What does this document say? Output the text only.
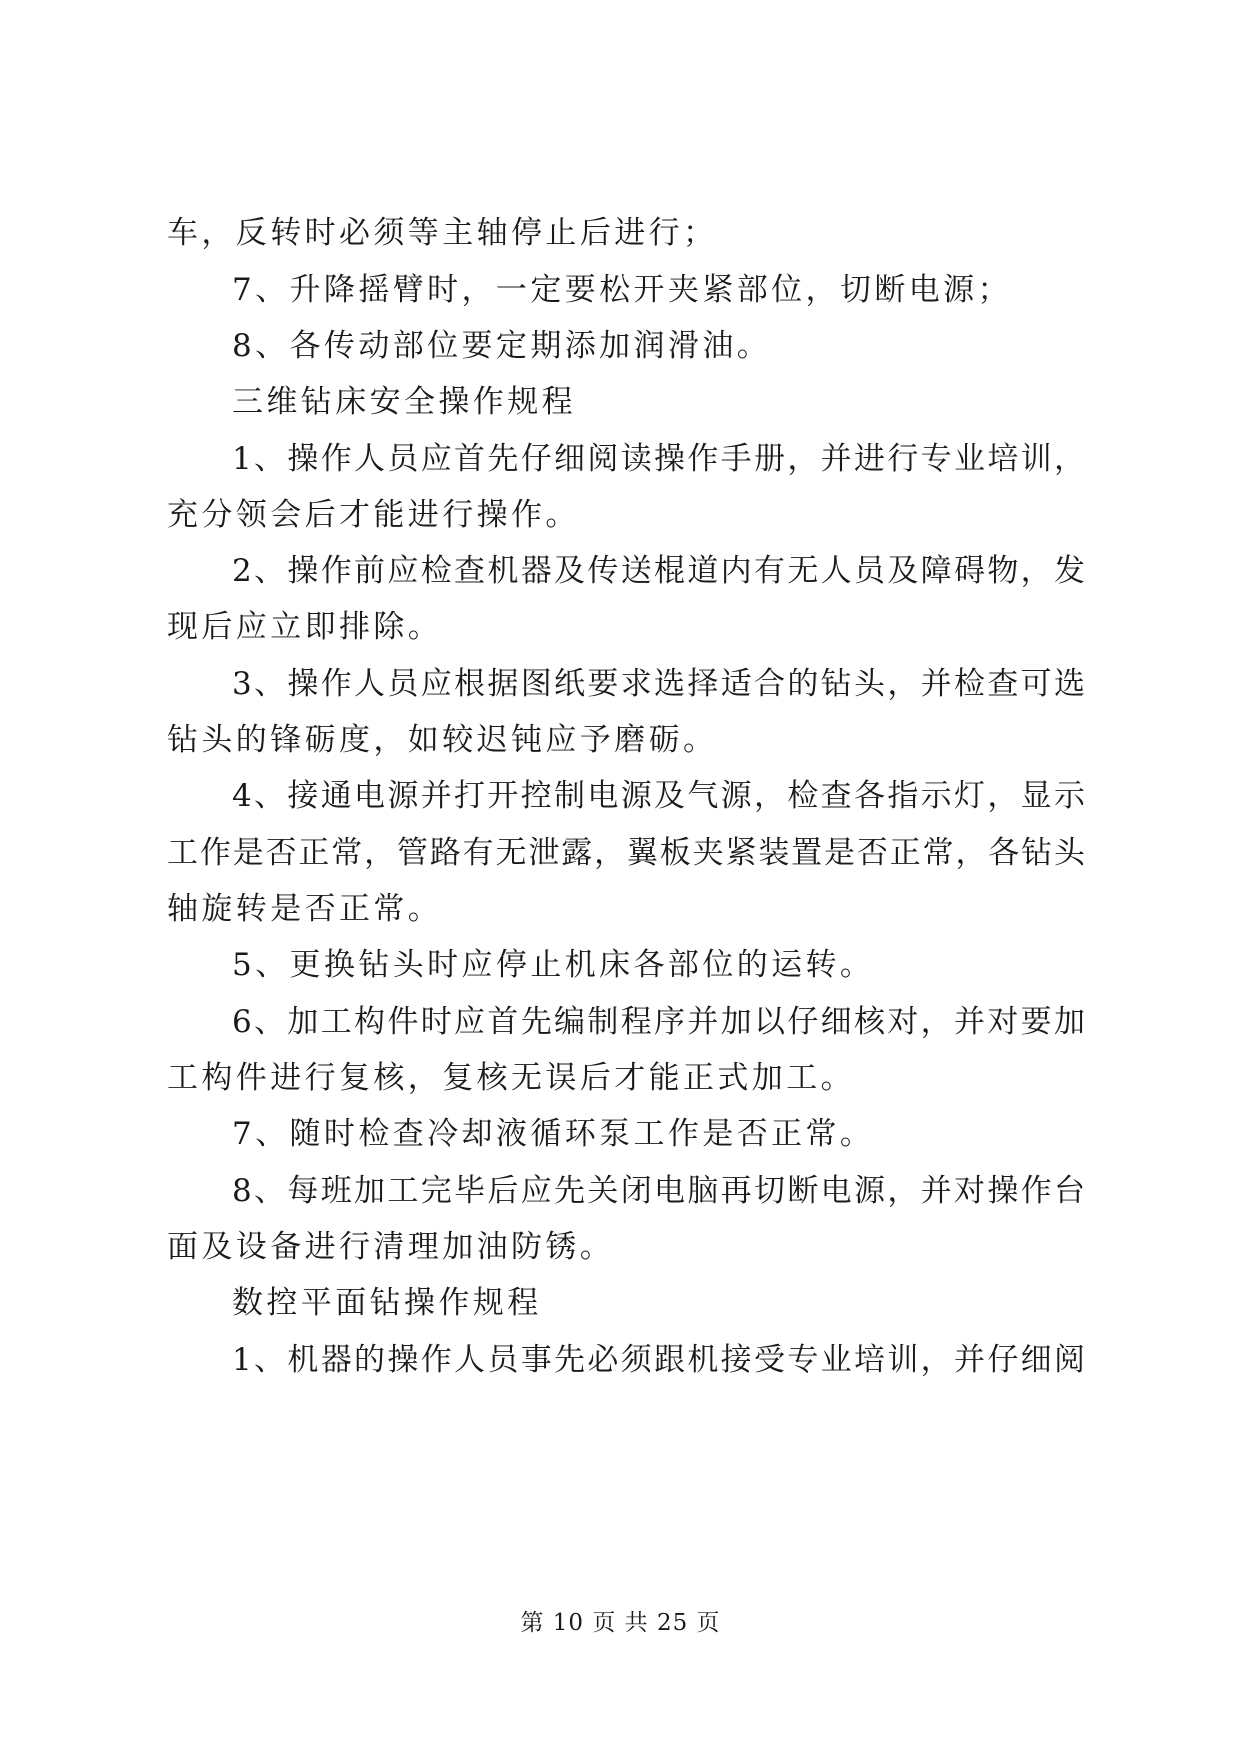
车，反转时必须等主轴停止后进行；
7、升降摇臂时，一定要松开夹紧部位，切断电源；
8、各传动部位要定期添加润滑油。
三维钻床安全操作规程
1、操作人员应首先仔细阅读操作手册，并进行专业培训，
充分领会后才能进行操作。
2、操作前应检查机器及传送棍道内有无人员及障碍物，发
现后应立即排除。
3、操作人员应根据图纸要求选择适合的钻头，并检查可选
钻头的锋砺度，如较迟钝应予磨砺。
4、接通电源并打开控制电源及气源，检查各指示灯，显示
工作是否正常，管路有无泄露，翼板夹紧装置是否正常，各钻头
轴旋转是否正常。
5、更换钻头时应停止机床各部位的运转。
6、加工构件时应首先编制程序并加以仔细核对，并对要加
工构件进行复核，复核无误后才能正式加工。
7、随时检查冷却液循环泵工作是否正常。
8、每班加工完毕后应先关闭电脑再切断电源，并对操作台
面及设备进行清理加油防锈。
数控平面钻操作规程
1、机器的操作人员事先必须跟机接受专业培训，并仔细阅
第 10 页 共 25 页
